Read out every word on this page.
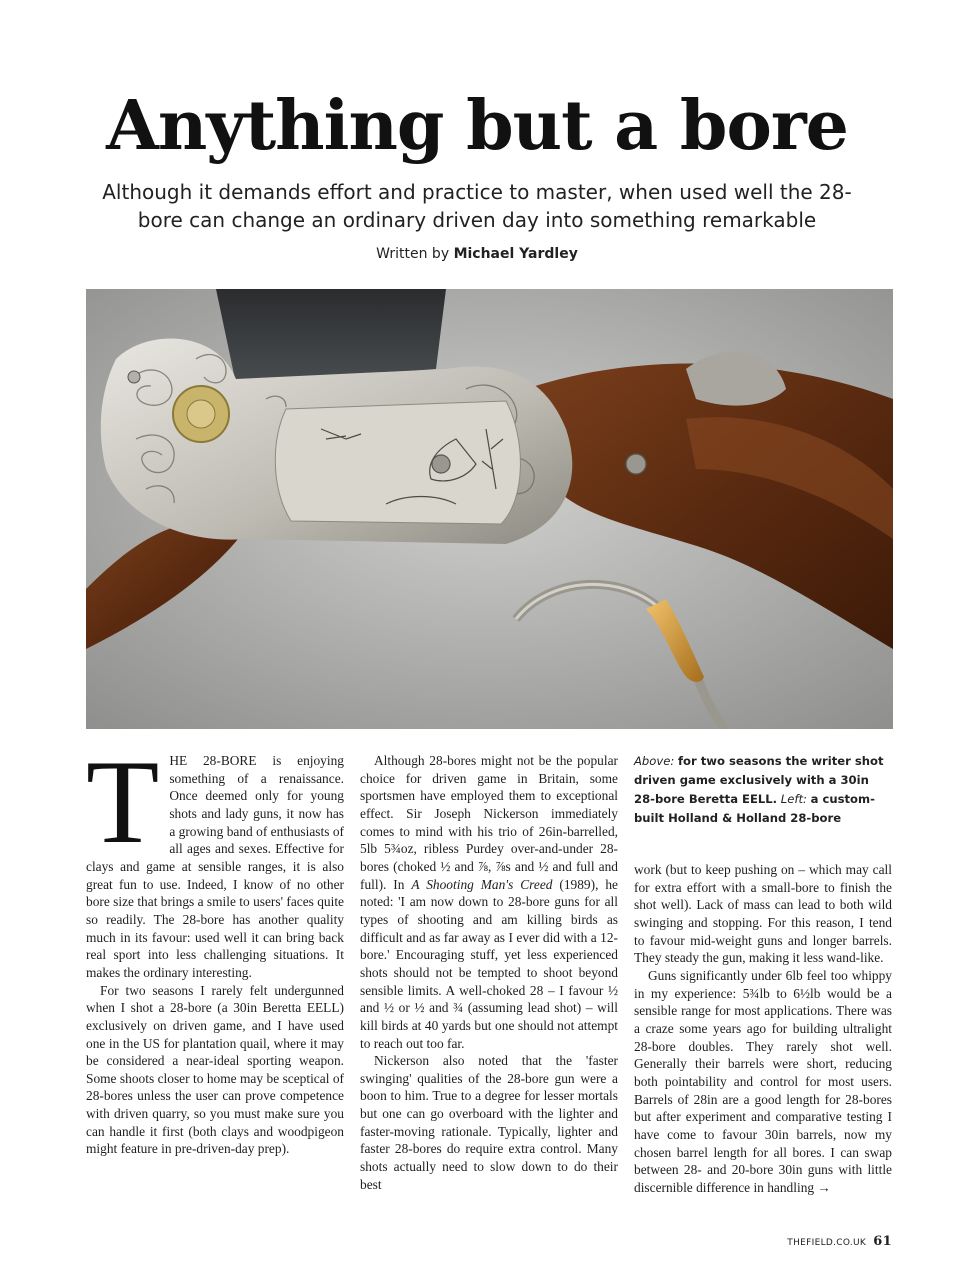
Anything but a bore

Although it demands effort and practice to master, when used well the 28-bore can change an ordinary driven day into something remarkable

Written by Michael Yardley

THE 28-BORE is enjoying something of a renaissance. Once deemed only for young shots and lady guns, it now has a growing band of enthusiasts of all ages and sexes. Effective for clays and game at sensible ranges, it is also great fun to use. Indeed, I know of no other bore size that brings a smile to users' faces quite so readily. The 28-bore has another quality much in its favour: used well it can bring back real sport into less challenging situations. It makes the ordinary interesting.

For two seasons I rarely felt undergunned when I shot a 28-bore (a 30in Beretta EELL) exclusively on driven game, and I have used one in the US for plantation quail, where it may be considered a near-ideal sporting weapon. Some shoots closer to home may be sceptical of 28-bores unless the user can prove competence with driven quarry, so you must make sure you can handle it first (both clays and woodpigeon might feature in pre-driven-day prep).

Although 28-bores might not be the popular choice for driven game in Britain, some sportsmen have employed them to exceptional effect. Sir Joseph Nickerson immediately comes to mind with his trio of 26in-barrelled, 5lb 5¾oz, ribless Purdey over-and-under 28-bores (choked ½ and ⅞, ⅞s and ½ and full and full). In A Shooting Man's Creed (1989), he noted: 'I am now down to 28-bore guns for all types of shooting and am killing birds as difficult and as far away as I ever did with a 12-bore.' Encouraging stuff, yet less experienced shots should not be tempted to shoot beyond sensible limits. A well-choked 28 – I favour ½ and ½ or ½ and ¾ (assuming lead shot) – will kill birds at 40 yards but one should not attempt to reach out too far.

Nickerson also noted that the 'faster swinging' qualities of the 28-bore gun were a boon to him. True to a degree for lesser mortals but one can go overboard with the lighter and faster-moving rationale. Typically, lighter and faster 28-bores do require extra control. Many shots actually need to slow down to do their best

Above: for two seasons the writer shot driven game exclusively with a 30in 28-bore Beretta EELL. Left: a custom-built Holland & Holland 28-bore

work (but to keep pushing on – which may call for extra effort with a small-bore to finish the shot well). Lack of mass can lead to both wild swinging and stopping. For this reason, I tend to favour mid-weight guns and longer barrels. They steady the gun, making it less wand-like.

Guns significantly under 6lb feel too whippy in my experience: 5¾lb to 6½lb would be a sensible range for most applications. There was a craze some years ago for building ultralight 28-bore doubles. They rarely shot well. Generally their barrels were short, reducing both pointability and control for most users. Barrels of 28in are a good length for 28-bores but after experiment and comparative testing I have come to favour 30in barrels, now my chosen barrel length for all bores. I can swap between 28- and 20-bore 30in guns with little discernible difference in handling →

THEFIELD.CO.UK 61
